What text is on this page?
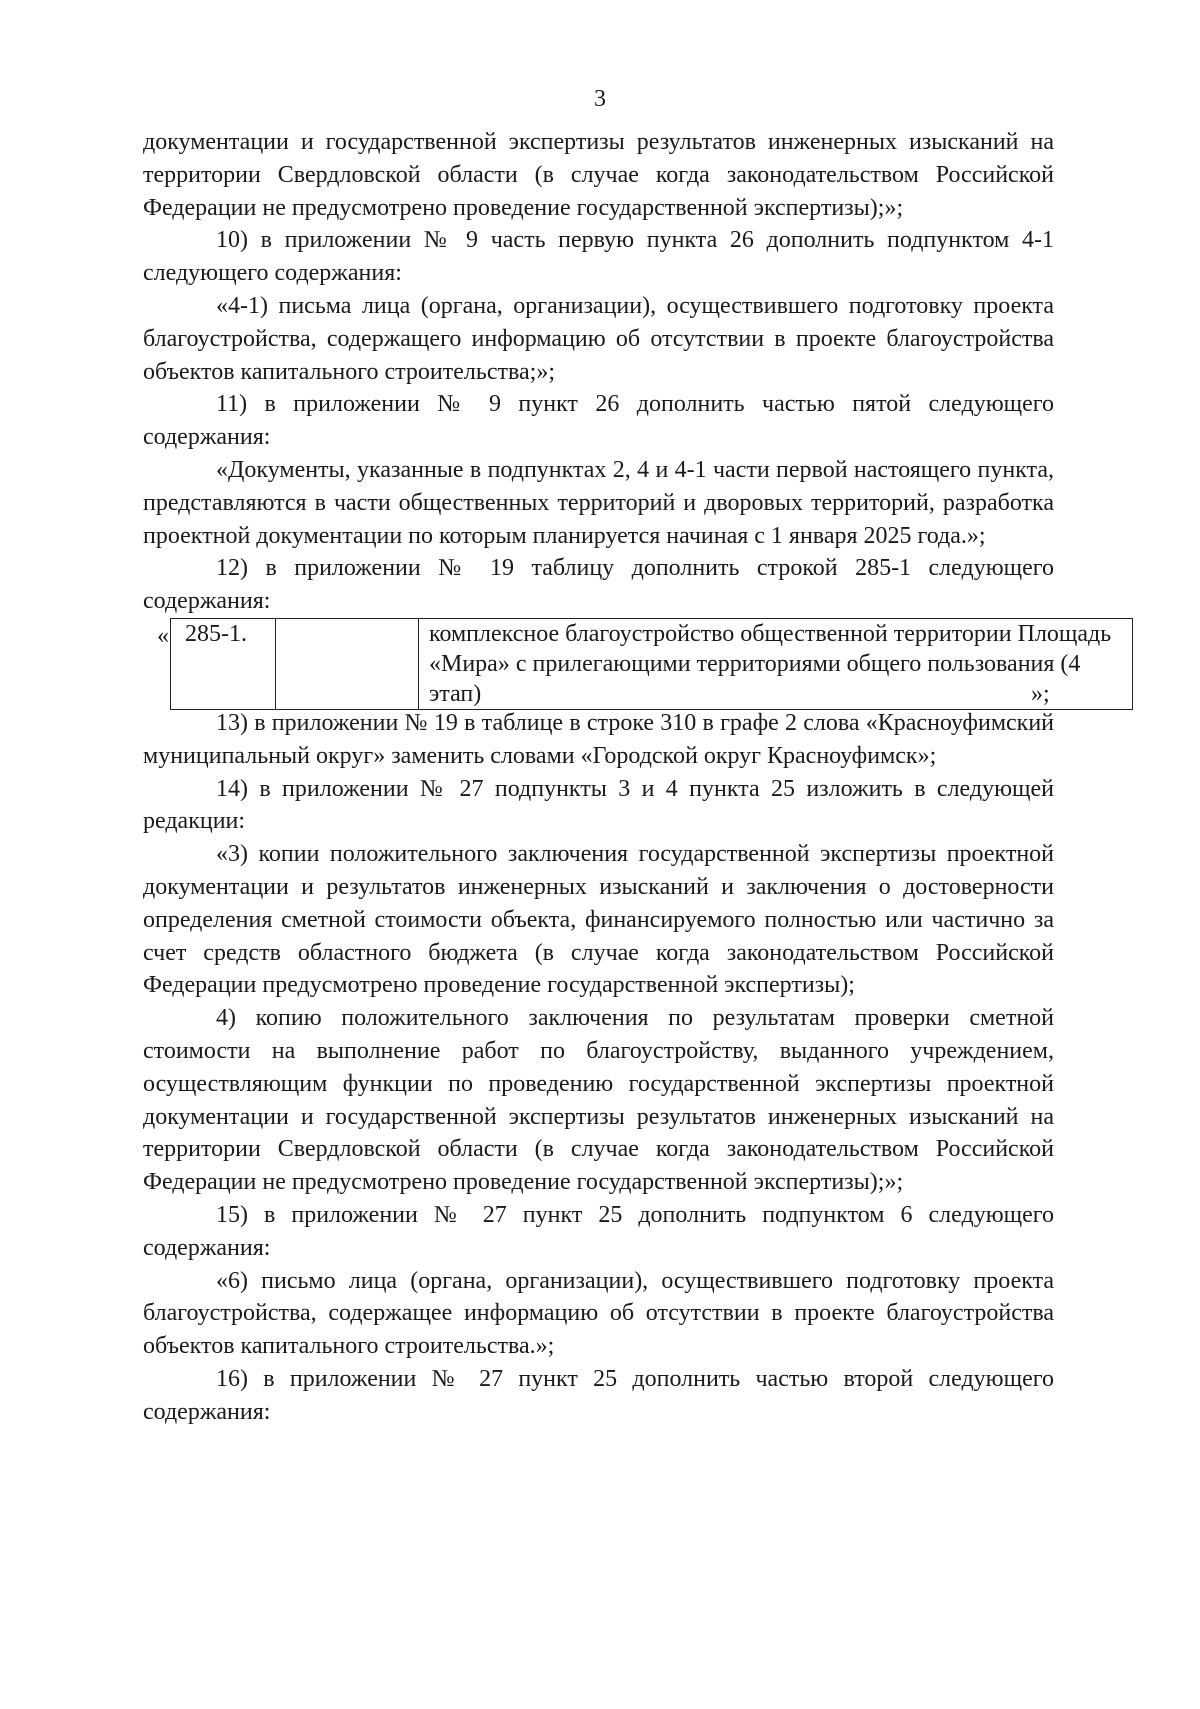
3

документации и государственной экспертизы результатов инженерных изысканий на территории Свердловской области (в случае когда законодательством Российской Федерации не предусмотрено проведение государственной экспертизы);»;

10) в приложении № 9 часть первую пункта 26 дополнить подпунктом 4-1 следующего содержания:

«4-1) письма лица (органа, организации), осуществившего подготовку проекта благоустройства, содержащего информацию об отсутствии в проекте благоустройства объектов капитального строительства;»;

11) в приложении № 9 пункт 26 дополнить частью пятой следующего содержания:

«Документы, указанные в подпунктах 2, 4 и 4-1 части первой настоящего пункта, представляются в части общественных территорий и дворовых территорий, разработка проектной документации по которым планируется начиная с 1 января 2025 года.»;

12) в приложении № 19 таблицу дополнить строкой 285-1 следующего содержания:

« 285-1.		комплексное благоустройство общественной территории Площадь «Мира» с прилегающими территориями общего пользования (4 этап)	»;

13) в приложении № 19 в таблице в строке 310 в графе 2 слова «Красноуфимский муниципальный округ» заменить словами «Городской округ Красноуфимск»;

14) в приложении № 27 подпункты 3 и 4 пункта 25 изложить в следующей редакции:

«3) копии положительного заключения государственной экспертизы проектной документации и результатов инженерных изысканий и заключения о достоверности определения сметной стоимости объекта, финансируемого полностью или частично за счет средств областного бюджета (в случае когда законодательством Российской Федерации предусмотрено проведение государственной экспертизы);

4) копию положительного заключения по результатам проверки сметной стоимости на выполнение работ по благоустройству, выданного учреждением, осуществляющим функции по проведению государственной экспертизы проектной документации и государственной экспертизы результатов инженерных изысканий на территории Свердловской области (в случае когда законодательством Российской Федерации не предусмотрено проведение государственной экспертизы);»;

15) в приложении № 27 пункт 25 дополнить подпунктом 6 следующего содержания:

«6) письмо лица (органа, организации), осуществившего подготовку проекта благоустройства, содержащее информацию об отсутствии в проекте благоустройства объектов капитального строительства.»;

16) в приложении № 27 пункт 25 дополнить частью второй следующего содержания:
